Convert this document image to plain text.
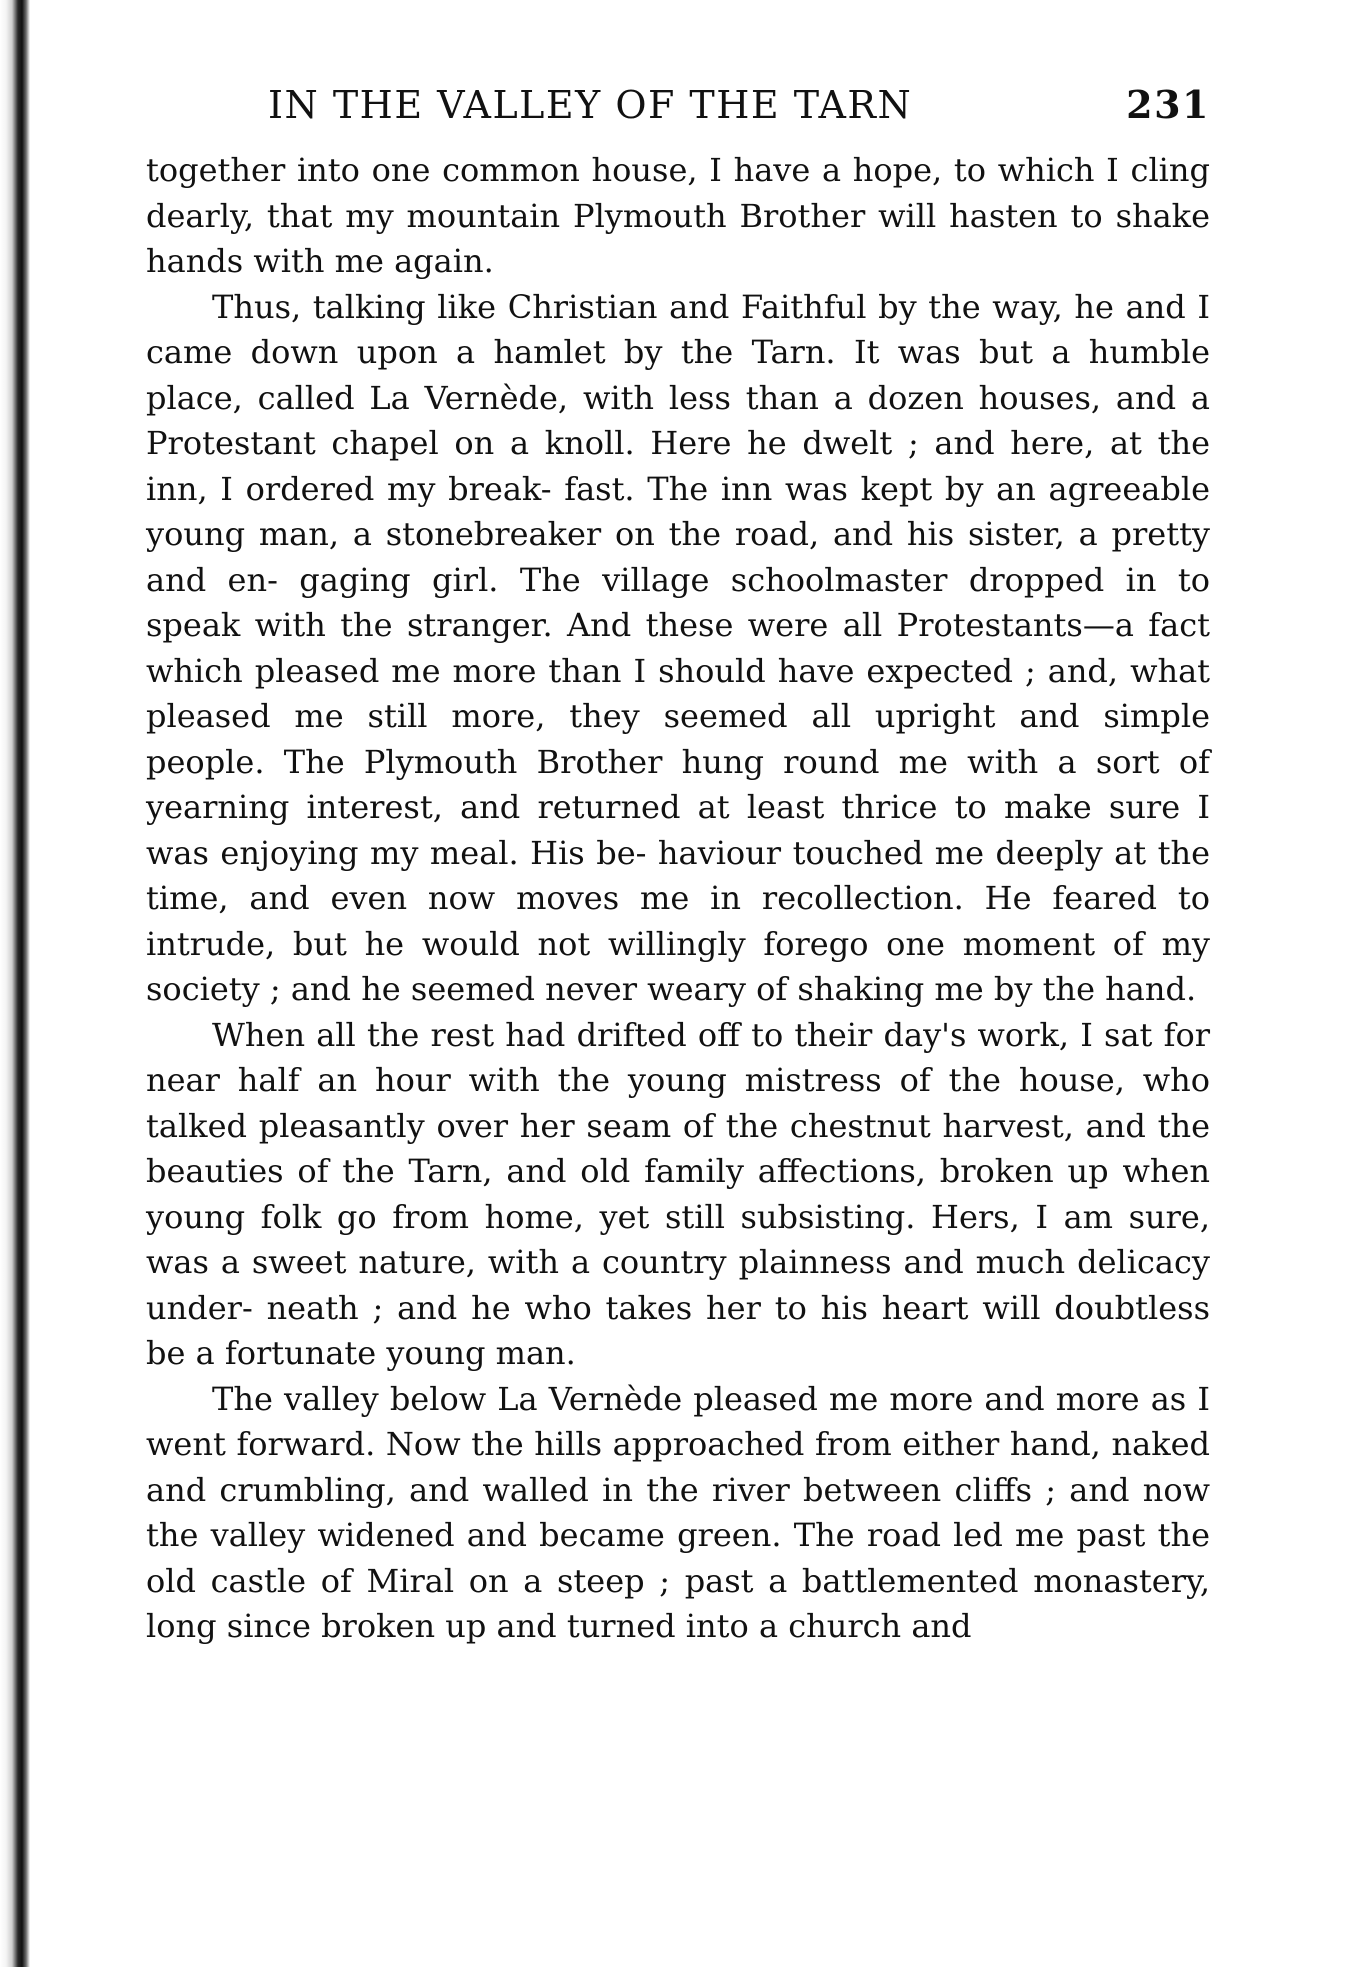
IN THE VALLEY OF THE TARN	231

together into one common house, I have a hope, to which I cling dearly, that my mountain Plymouth Brother will hasten to shake hands with me again.

Thus, talking like Christian and Faithful by the way, he and I came down upon a hamlet by the Tarn. It was but a humble place, called La Vernède, with less than a dozen houses, and a Protestant chapel on a knoll. Here he dwelt ; and here, at the inn, I ordered my break- fast. The inn was kept by an agreeable young man, a stonebreaker on the road, and his sister, a pretty and en- gaging girl. The village schoolmaster dropped in to speak with the stranger. And these were all Protestants—a fact which pleased me more than I should have expected ; and, what pleased me still more, they seemed all upright and simple people. The Plymouth Brother hung round me with a sort of yearning interest, and returned at least thrice to make sure I was enjoying my meal. His be- haviour touched me deeply at the time, and even now moves me in recollection. He feared to intrude, but he would not willingly forego one moment of my society ; and he seemed never weary of shaking me by the hand.

When all the rest had drifted off to their day's work, I sat for near half an hour with the young mistress of the house, who talked pleasantly over her seam of the chestnut harvest, and the beauties of the Tarn, and old family affections, broken up when young folk go from home, yet still subsisting. Hers, I am sure, was a sweet nature, with a country plainness and much delicacy under- neath ; and he who takes her to his heart will doubtless be a fortunate young man.

The valley below La Vernède pleased me more and more as I went forward. Now the hills approached from either hand, naked and crumbling, and walled in the river between cliffs ; and now the valley widened and became green. The road led me past the old castle of Miral on a steep ; past a battlemented monastery, long since broken up and turned into a church and
